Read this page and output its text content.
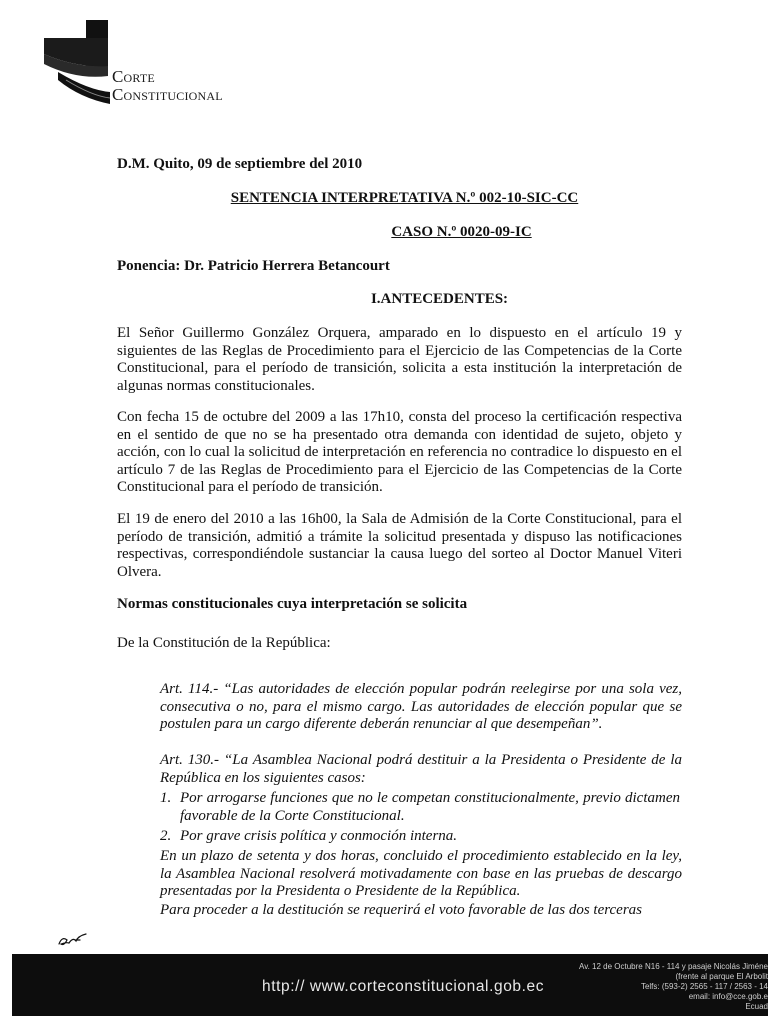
Corte
Constitucional
D.M. Quito, 09 de septiembre del 2010
SENTENCIA INTERPRETATIVA N.º 002-10-SIC-CC
CASO N.º 0020-09-IC
Ponencia: Dr. Patricio Herrera Betancourt
I.ANTECEDENTES:
El Señor Guillermo González Orquera, amparado en lo dispuesto en el artículo 19 y siguientes de las Reglas de Procedimiento para el Ejercicio de las Competencias de la Corte Constitucional, para el período de transición, solicita a esta institución la interpretación de algunas normas constitucionales.
Con fecha 15 de octubre del 2009 a las 17h10, consta del proceso la certificación respectiva en el sentido de que no se ha presentado otra demanda con identidad de sujeto, objeto y acción, con lo cual la solicitud de interpretación en referencia no contradice lo dispuesto en el artículo 7 de las Reglas de Procedimiento para el Ejercicio de las Competencias de la Corte Constitucional para el período de transición.
El 19 de enero del 2010 a las 16h00, la Sala de Admisión de la Corte Constitucional, para el período de transición, admitió a trámite la solicitud presentada y dispuso las notificaciones respectivas, correspondiéndole sustanciar la causa luego del sorteo al Doctor Manuel Viteri Olvera.
Normas constitucionales cuya interpretación se solicita
De la Constitución de la República:
Art. 114.- “Las autoridades de elección popular podrán reelegirse por una sola vez, consecutiva o no, para el mismo cargo. Las autoridades de elección popular que se postulen para un cargo diferente deberán renunciar al que desempeñan”.
Art. 130.- “La Asamblea Nacional podrá destituir a la Presidenta o Presidente de la República en los siguientes casos:
1. Por arrogarse funciones que no le competan constitucionalmente, previo dictamen favorable de la Corte Constitucional.
2. Por grave crisis política y conmoción interna.
En un plazo de setenta y dos horas, concluido el procedimiento establecido en la ley, la Asamblea Nacional resolverá motivadamente con base en las pruebas de descargo presentadas por la Presidenta o Presidente de la República.
Para proceder a la destitución se requerirá el voto favorable de las dos terceras
http:// www.corteconstitucional.gob.ec
Av. 12 de Octubre N16 - 114 y pasaje Nicolás Jiméne
(frente al parque El Arbolit
Telfs: (593-2) 2565 - 117 / 2563 - 14
email: info@cce.gob.e
Ecuad
